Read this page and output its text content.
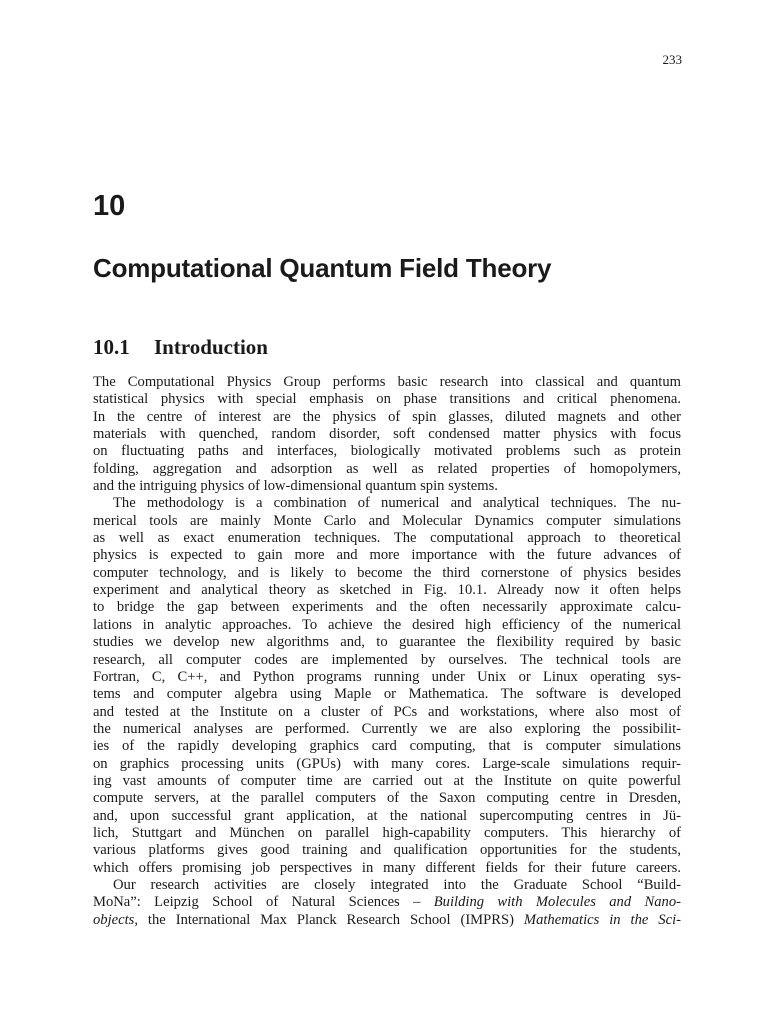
233
10
Computational Quantum Field Theory
10.1 Introduction
The Computational Physics Group performs basic research into classical and quantum
statistical physics with special emphasis on phase transitions and critical phenomena.
In the centre of interest are the physics of spin glasses, diluted magnets and other
materials with quenched, random disorder, soft condensed matter physics with focus
on fluctuating paths and interfaces, biologically motivated problems such as protein
folding, aggregation and adsorption as well as related properties of homopolymers,
and the intriguing physics of low-dimensional quantum spin systems.
The methodology is a combination of numerical and analytical techniques. The nu-
merical tools are mainly Monte Carlo and Molecular Dynamics computer simulations
as well as exact enumeration techniques. The computational approach to theoretical
physics is expected to gain more and more importance with the future advances of
computer technology, and is likely to become the third cornerstone of physics besides
experiment and analytical theory as sketched in Fig. 10.1. Already now it often helps
to bridge the gap between experiments and the often necessarily approximate calcu-
lations in analytic approaches. To achieve the desired high efficiency of the numerical
studies we develop new algorithms and, to guarantee the flexibility required by basic
research, all computer codes are implemented by ourselves. The technical tools are
Fortran, C, C++, and Python programs running under Unix or Linux operating sys-
tems and computer algebra using Maple or Mathematica. The software is developed
and tested at the Institute on a cluster of PCs and workstations, where also most of
the numerical analyses are performed. Currently we are also exploring the possibilit-
ies of the rapidly developing graphics card computing, that is computer simulations
on graphics processing units (GPUs) with many cores. Large-scale simulations requir-
ing vast amounts of computer time are carried out at the Institute on quite powerful
compute servers, at the parallel computers of the Saxon computing centre in Dresden,
and, upon successful grant application, at the national supercomputing centres in Jü-
lich, Stuttgart and München on parallel high-capability computers. This hierarchy of
various platforms gives good training and qualification opportunities for the students,
which offers promising job perspectives in many different fields for their future careers.
Our research activities are closely integrated into the Graduate School “Build-
MoNa”: Leipzig School of Natural Sciences – Building with Molecules and Nano-
objects, the International Max Planck Research School (IMPRS) Mathematics in the Sci-
